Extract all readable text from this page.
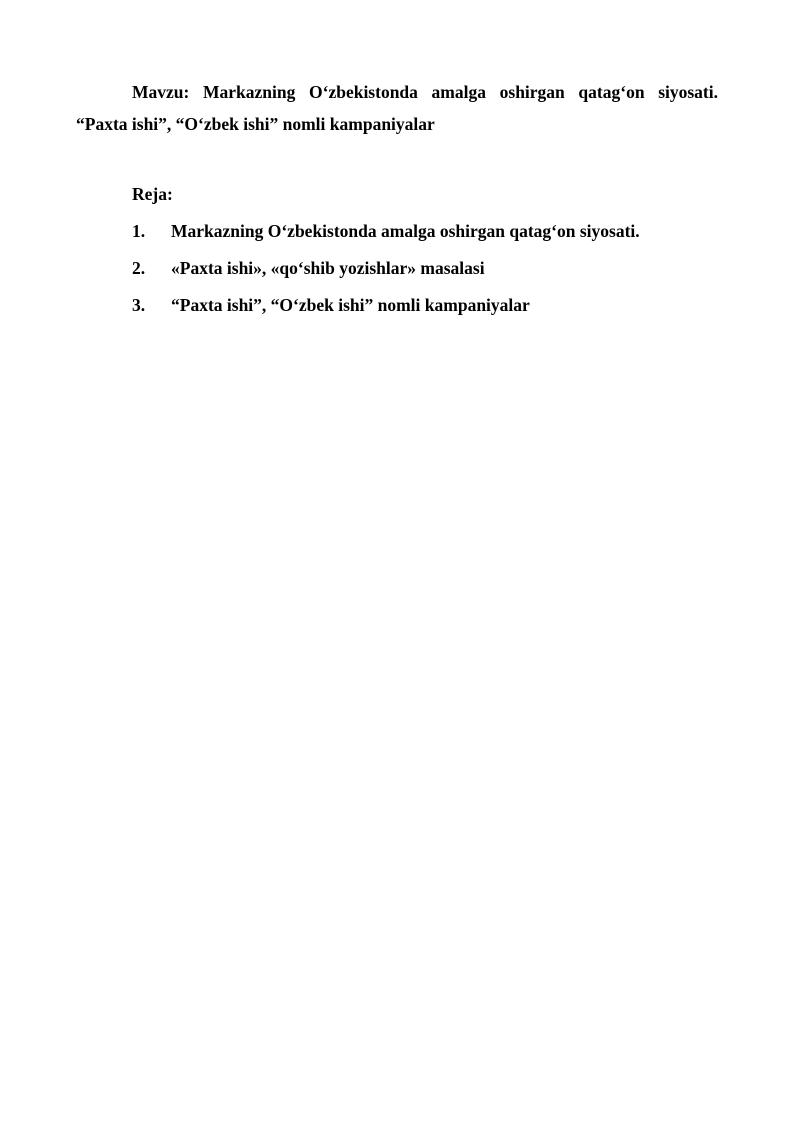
Mavzu: Markazning O‘zbekistonda amalga oshirgan qatag‘on siyosati. “Paxta ishi”, “O‘zbek ishi” nomli kampaniyalar

Reja:

1.	Markazning O‘zbekistonda amalga oshirgan qatag‘on siyosati.
2.	«Paxta ishi», «qo‘shib yozishlar» masalasi
3.	“Paxta ishi”, “O‘zbek ishi” nomli kampaniyalar
